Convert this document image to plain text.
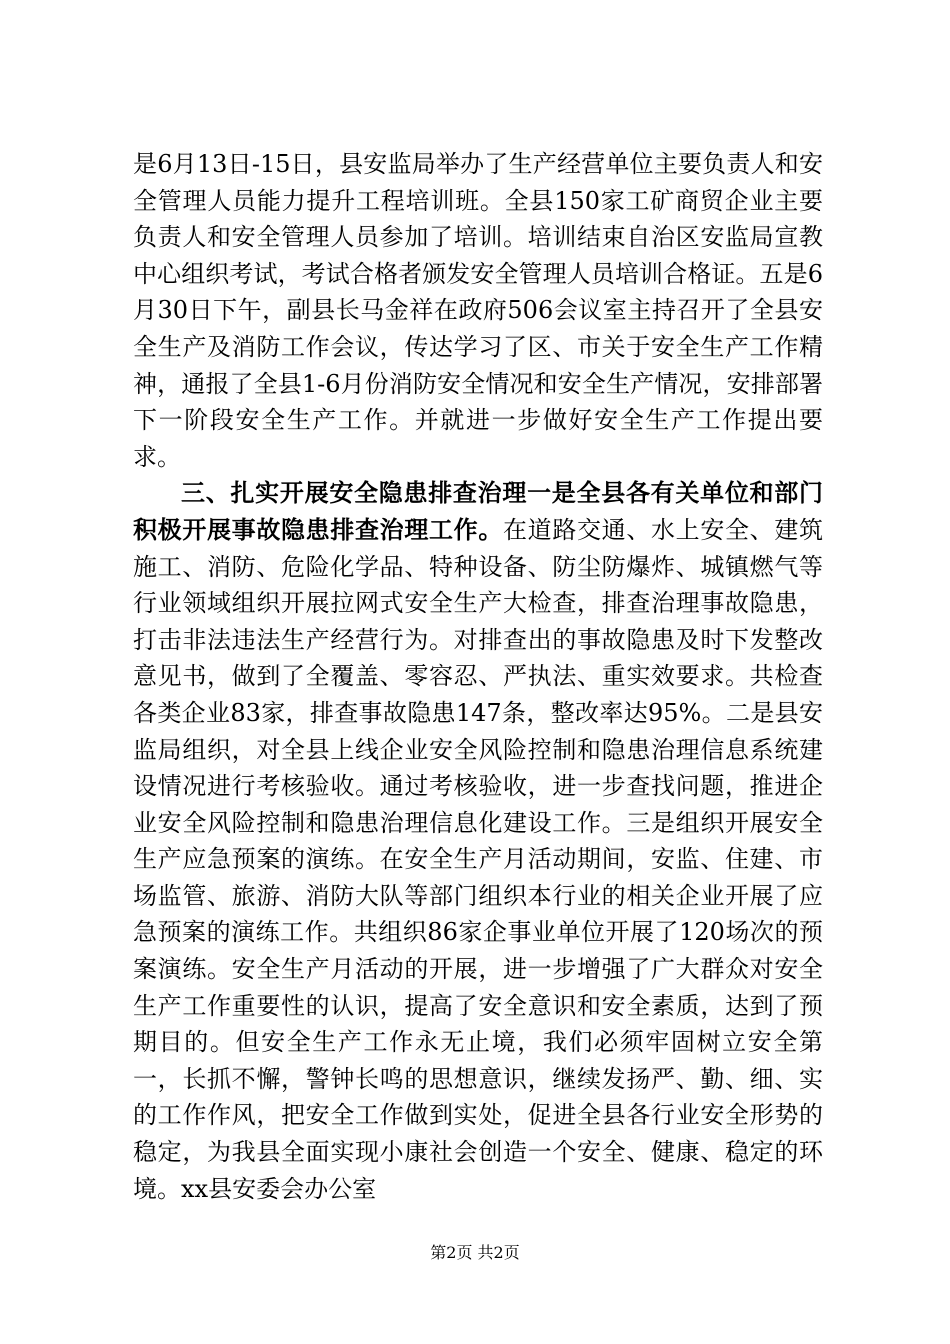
是6月13日-15日，县安监局举办了生产经营单位主要负责人和安全管理人员能力提升工程培训班。全县150家工矿商贸企业主要负责人和安全管理人员参加了培训。培训结束自治区安监局宣教中心组织考试，考试合格者颁发安全管理人员培训合格证。五是6月30日下午，副县长马金祥在政府506会议室主持召开了全县安全生产及消防工作会议，传达学习了区、市关于安全生产工作精神，通报了全县1-6月份消防安全情况和安全生产情况，安排部署下一阶段安全生产工作。并就进一步做好安全生产工作提出要求。

三、扎实开展安全隐患排查治理一是全县各有关单位和部门积极开展事故隐患排查治理工作。在道路交通、水上安全、建筑施工、消防、危险化学品、特种设备、防尘防爆炸、城镇燃气等行业领域组织开展拉网式安全生产大检查，排查治理事故隐患，打击非法违法生产经营行为。对排查出的事故隐患及时下发整改意见书，做到了全覆盖、零容忍、严执法、重实效要求。共检查各类企业83家，排查事故隐患147条，整改率达95%。二是县安监局组织，对全县上线企业安全风险控制和隐患治理信息系统建设情况进行考核验收。通过考核验收，进一步查找问题，推进企业安全风险控制和隐患治理信息化建设工作。三是组织开展安全生产应急预案的演练。在安全生产月活动期间，安监、住建、市场监管、旅游、消防大队等部门组织本行业的相关企业开展了应急预案的演练工作。共组织86家企事业单位开展了120场次的预案演练。安全生产月活动的开展，进一步增强了广大群众对安全生产工作重要性的认识，提高了安全意识和安全素质，达到了预期目的。但安全生产工作永无止境，我们必须牢固树立安全第一，长抓不懈，警钟长鸣的思想意识，继续发扬严、勤、细、实的工作作风，把安全工作做到实处，促进全县各行业安全形势的稳定，为我县全面实现小康社会创造一个安全、健康、稳定的环境。xx县安委会办公室

第2页 共2页
